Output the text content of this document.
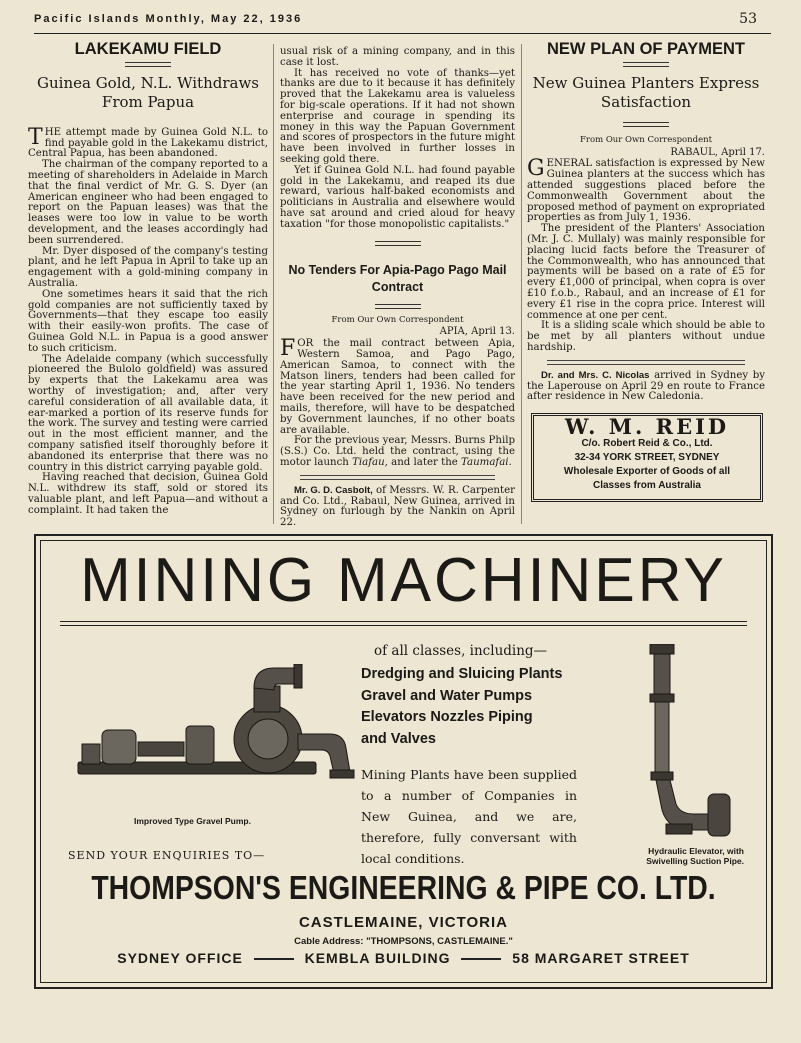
Pacific Islands Monthly, May 22, 1936	53
LAKEKAMU FIELD
Guinea Gold, N.L. Withdraws From Papua

THE attempt made by Guinea Gold N.L. to find payable gold in the Lakekamu district, Central Papua, has been abandoned.

The chairman of the company reported to a meeting of shareholders in Adelaide in March that the final verdict of Mr. G. S. Dyer (an American engineer who had been engaged to report on the Papuan leases) was that the leases were too low in value to be worth development, and the leases accordingly had been surrendered.

Mr. Dyer disposed of the company's testing plant, and he left Papua in April to take up an engagement with a gold-mining company in Australia.

One sometimes hears it said that the rich gold companies are not sufficiently taxed by Governments—that they escape too easily with their easily-won profits. The case of Guinea Gold N.L. in Papua is a good answer to such criticism.

The Adelaide company (which successfully pioneered the Bulolo goldfield) was assured by experts that the Lakekamu area was worthy of investigation; and, after very careful consideration of all available data, it ear-marked a portion of its reserve funds for the work. The survey and testing were carried out in the most efficient manner, and the company satisfied itself thoroughly before it abandoned its enterprise that there was no country in this district carrying payable gold.

Having reached that decision, Guinea Gold N.L. withdrew its staff, sold or stored its valuable plant, and left Papua—and without a complaint. It had taken the

usual risk of a mining company, and in this case it lost.

It has received no vote of thanks—yet thanks are due to it because it has definitely proved that the Lakekamu area is valueless for big-scale operations. If it had not shown enterprise and courage in spending its money in this way the Papuan Government and scores of prospectors in the future might have been involved in further losses in seeking gold there.

Yet if Guinea Gold N.L. had found payable gold in the Lakekamu, and reaped its due reward, various half-baked economists and politicians in Australia and elsewhere would have sat around and cried aloud for heavy taxation "for those monopolistic capitalists."

No Tenders For Apia-Pago Pago Mail Contract
From Our Own Correspondent
APIA, April 13.

FOR the mail contract between Apia, Western Samoa, and Pago Pago, American Samoa, to connect with the Matson liners, tenders had been called for the year starting April 1, 1936. No tenders have been received for the new period and mails, therefore, will have to be despatched by Government launches, if no other boats are available.

For the previous year, Messrs. Burns Philp (S.S.) Co. Ltd. held the contract, using the motor launch Tiafau, and later the Taumafai.

Mr. G. D. Casbolt, of Messrs. W. R. Carpenter and Co. Ltd., Rabaul, New Guinea, arrived in Sydney on furlough by the Nankin on April 22.

NEW PLAN OF PAYMENT
New Guinea Planters Express Satisfaction
From Our Own Correspondent
RABAUL, April 17.

GENERAL satisfaction is expressed by New Guinea planters at the success which has attended suggestions placed before the Commonwealth Government about the proposed method of payment on expropriated properties as from July 1, 1936.

The president of the Planters' Association (Mr. J. C. Mullaly) was mainly responsible for placing lucid facts before the Treasurer of the Commonwealth, who has announced that payments will be based on a rate of £5 for every £1,000 of principal, when copra is over £10 f.o.b., Rabaul, and an increase of £1 for every £1 rise in the copra price. Interest will commence at one per cent.

It is a sliding scale which should be able to be met by all planters without undue hardship.

Dr. and Mrs. C. Nicolas arrived in Sydney by the Laperouse on April 29 en route to France after residence in New Caledonia.

W. M. REID
C/o. Robert Reid & Co., Ltd.
32-34 YORK STREET, SYDNEY
Wholesale Exporter of Goods of all
Classes from Australia
MINING MACHINERY
Improved Type Gravel Pump.
of all classes, including—
Dredging and Sluicing Plants
Gravel and Water Pumps
Elevators Nozzles Piping
and Valves
Mining Plants have been supplied to a number of Companies in New Guinea, and we are, therefore, fully conversant with local conditions.	Hydraulic Elevator, with
Swivelling Suction Pipe.
SEND YOUR ENQUIRIES TO—
THOMPSON'S ENGINEERING & PIPE CO. LTD.
CASTLEMAINE, VICTORIA
Cable Address: "THOMPSONS, CASTLEMAINE."
SYDNEY OFFICE	KEMBLA BUILDING	58 MARGARET STREET
